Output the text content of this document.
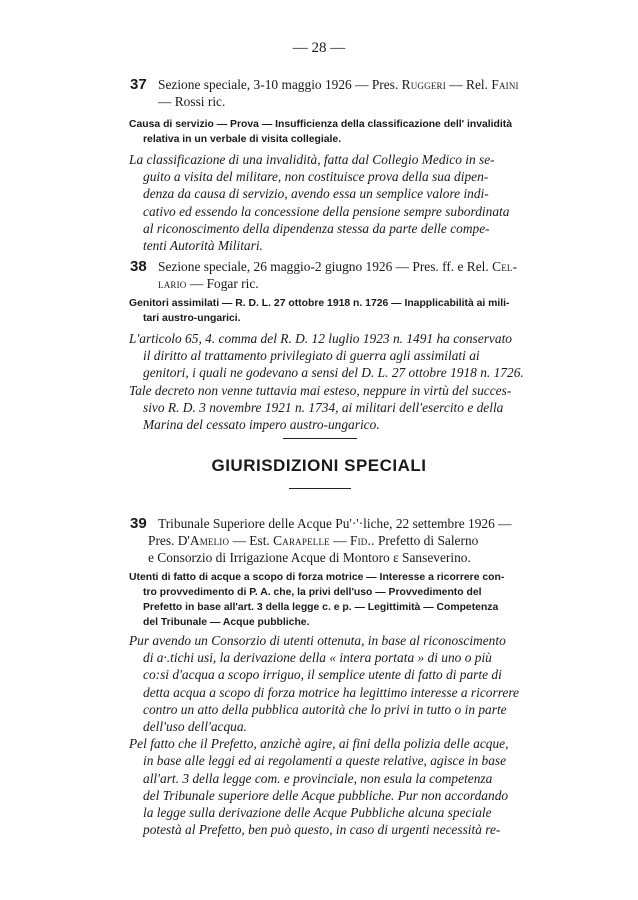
— 28 —
37 Sezione speciale, 3-10 maggio 1926 — Pres. Ruggeri — Rel. Faini
— Rossi ric.
Causa di servizio — Prova — Insufficienza della classificazione dell' invalidità
relativa in un verbale di visita collegiale.
La classificazione di una invalidità, fatta dal Collegio Medico in se-
guito a visita del militare, non costituisce prova della sua dipen-
denza da causa di servizio, avendo essa un semplice valore indi-
cativo ed essendo la concessione della pensione sempre subordinata
al riconoscimento della dipendenza stessa da parte delle compe-
tenti Autorità Militari.
38 Sezione speciale, 26 maggio-2 giugno 1926 — Pres. ff. e Rel. Cel-
lario — Fogar ric.
Genitori assimilati — R. D. L. 27 ottobre 1918 n. 1726 — Inapplicabilità ai mili-
tari austro-ungarici.
L'articolo 65, 4. comma del R. D. 12 luglio 1923 n. 1491 ha conservato
il diritto al trattamento privilegiato di guerra agli assimilati ai
genitori, i quali ne godevano a sensi del D. L. 27 ottobre 1918 n. 1726.
Tale decreto non venne tuttavia mai esteso, neppure in virtù del succes-
sivo R. D. 3 novembre 1921 n. 1734, ai militari dell'esercito e della
Marina del cessato impero austro-ungarico.
GIURISDIZIONI SPECIALI
39 Tribunale Superiore delle Acque Pu'·'·liche, 22 settembre 1926 —
Pres. D'Amelio — Est. Carapelle — Fid.. Prefetto di Salerno
e Consorzio di Irrigazione Acque di Montoro ε Sanseverino.
Utenti di fatto di acque a scopo di forza motrice — Interesse a ricorrere con-
tro provvedimento di P. A. che, la privi dell'uso — Provvedimento del
Prefetto in base all'art. 3 della legge c. e p. — Legittimità — Competenza
del Tribunale — Acque pubbliche.
Pur avendo un Consorzio di utenti ottenuta, in base al riconoscimento
di a·.tichi usi, la derivazione della « intera portata » di uno o più
co:si d'acqua a scopo irriguo, il semplice utente di fatto di parte di
detta acqua a scopo di forza motrice ha legittimo interesse a ricorrere
contro un atto della pubblica autorità che lo privi in tutto o in parte
dell'uso dell'acqua.
Pel fatto che il Prefetto, anzichè agire, ai fini della polizia delle acque,
in base alle leggi ed ai regolamenti a queste relative, agisce in base
all'art. 3 della legge com. e provinciale, non esula la competenza
del Tribunale superiore delle Acque pubbliche. Pur non accordando
la legge sulla derivazione delle Acque Pubbliche alcuna speciale
potestà al Prefetto, ben può questo, in caso di urgenti necessità re-
